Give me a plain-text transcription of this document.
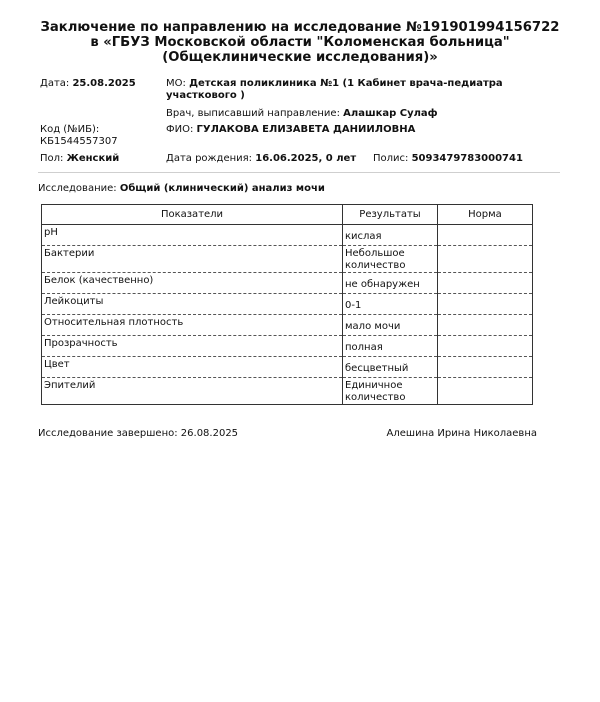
Заключение по направлению на исследование №191901994156722
в «ГБУЗ Московской области "Коломенская больница"
(Общеклинические исследования)»
Дата: 25.08.2025	МО: Детская поликлиника №1 (1 Кабинет врача-педиатра
участкового )
Врач, выписавший направление: Алашкар Сулаф
Код (№ИБ):
КБ1544557307
ФИО: ГУЛАКОВА ЕЛИЗАВЕТА ДАНИИЛОВНА
Пол: Женский	Дата рождения: 16.06.2025, 0 лет Полис: 5093479783000741
Исследование: Общий (клинический) анализ мочи
Показатели	Результаты	Норма
pH	кислая	
Бактерии	Небольшое количество	
Белок (качественно)	не обнаружен	
Лейкоциты	0-1	
Относительная плотность	мало мочи	
Прозрачность	полная	
Цвет	бесцветный	
Эпителий	Единичное количество	
Исследование завершено: 26.08.2025	Алешина Ирина Николаевна
